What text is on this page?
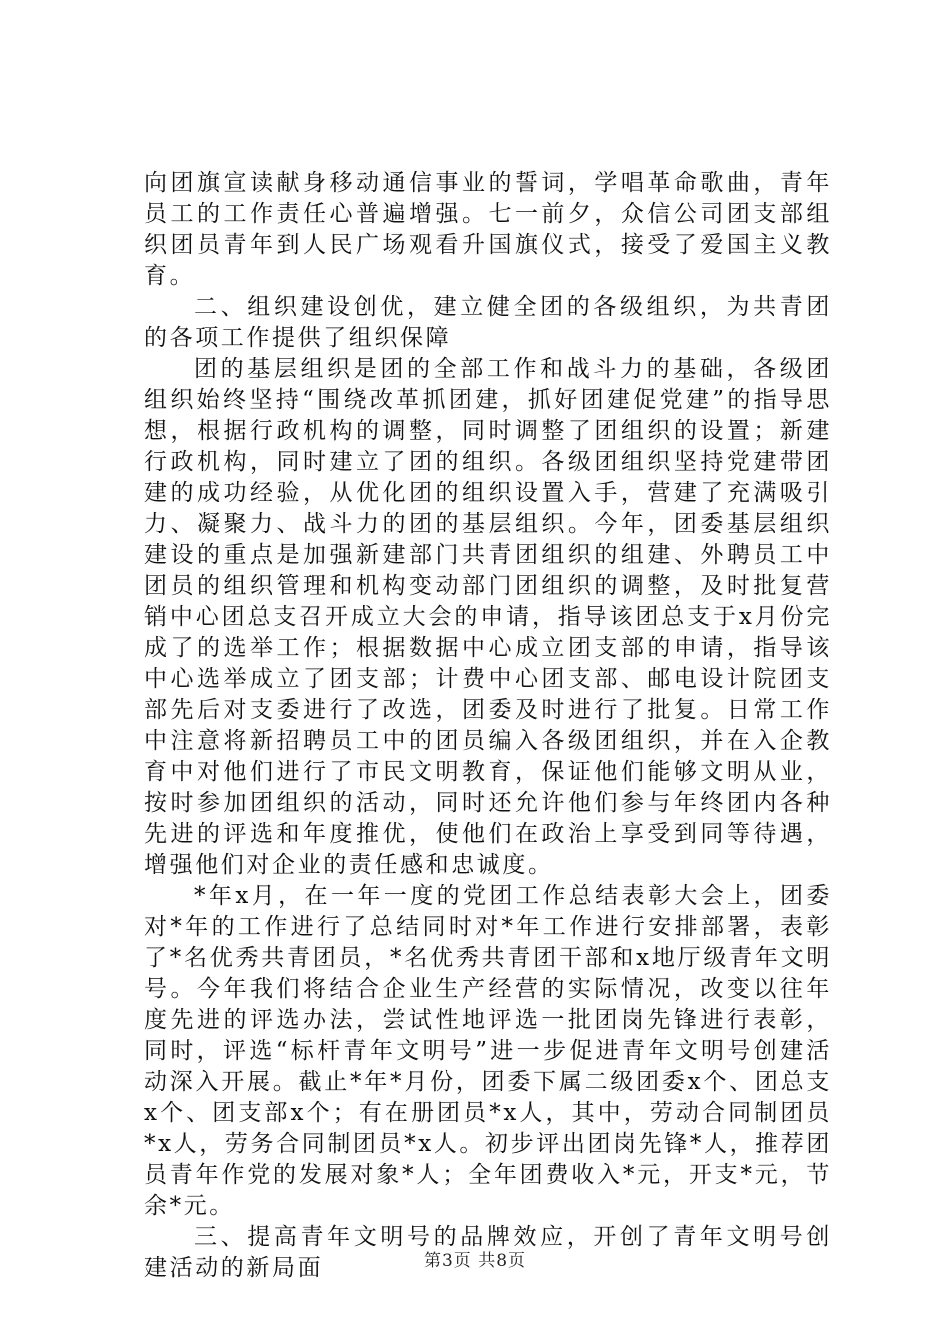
向团旗宣读献身移动通信事业的誓词，学唱革命歌曲，青年员工的工作责任心普遍增强。七一前夕，众信公司团支部组织团员青年到人民广场观看升国旗仪式，接受了爱国主义教育。

二、组织建设创优，建立健全团的各级组织，为共青团的各项工作提供了组织保障

团的基层组织是团的全部工作和战斗力的基础，各级团组织始终坚持“围绕改革抓团建，抓好团建促党建”的指导思想，根据行政机构的调整，同时调整了团组织的设置；新建行政机构，同时建立了团的组织。各级团组织坚持党建带团建的成功经验，从优化团的组织设置入手，营建了充满吸引力、凝聚力、战斗力的团的基层组织。今年，团委基层组织建设的重点是加强新建部门共青团组织的组建、外聘员工中团员的组织管理和机构变动部门团组织的调整，及时批复营销中心团总支召开成立大会的申请，指导该团总支于x月份完成了的选举工作；根据数据中心成立团支部的申请，指导该中心选举成立了团支部；计费中心团支部、邮电设计院团支部先后对支委进行了改选，团委及时进行了批复。日常工作中注意将新招聘员工中的团员编入各级团组织，并在入企教育中对他们进行了市民文明教育，保证他们能够文明从业，按时参加团组织的活动，同时还允许他们参与年终团内各种先进的评选和年度推优，使他们在政治上享受到同等待遇，增强他们对企业的责任感和忠诚度。

*年x月，在一年一度的党团工作总结表彰大会上，团委对*年的工作进行了总结同时对*年工作进行安排部署，表彰了*名优秀共青团员，*名优秀共青团干部和x地厅级青年文明号。今年我们将结合企业生产经营的实际情况，改变以往年度先进的评选办法，尝试性地评选一批团岗先锋进行表彰，同时，评选“标杆青年文明号”进一步促进青年文明号创建活动深入开展。截止*年*月份，团委下属二级团委x个、团总支x个、团支部x个；有在册团员*x人，其中，劳动合同制团员*x人，劳务合同制团员*x人。初步评出团岗先锋*人，推荐团员青年作党的发展对象*人；全年团费收入*元，开支*元，节余*元。

三、提高青年文明号的品牌效应，开创了青年文明号创建活动的新局面	第3页 共8页
